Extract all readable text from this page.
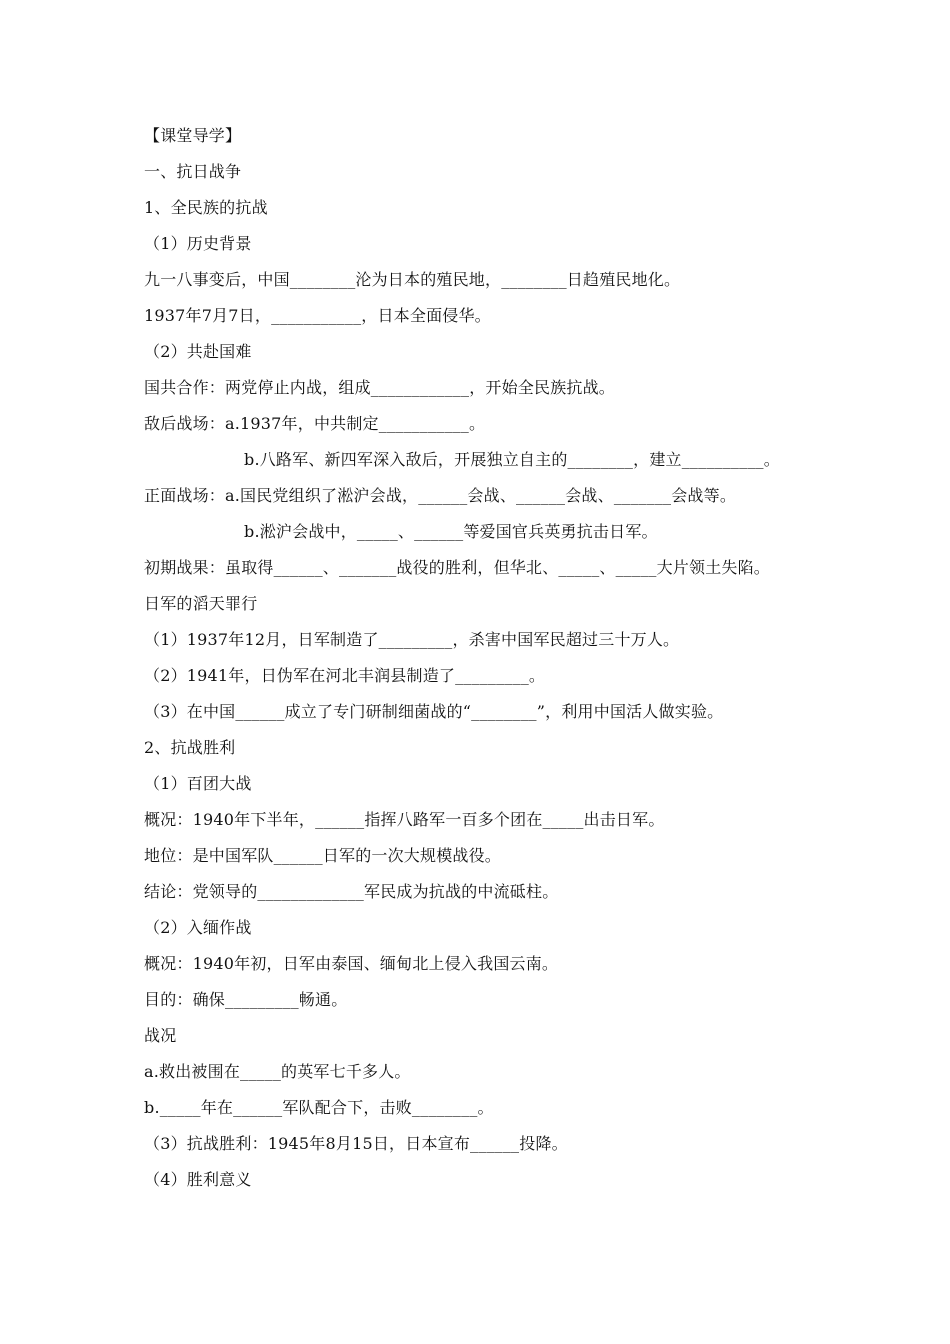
【课堂导学】
一、抗日战争
1、全民族的抗战
（1）历史背景
九一八事变后，中国________沦为日本的殖民地，________日趋殖民地化。
1937年7月7日，___________，日本全面侵华。
（2）共赴国难
国共合作：两党停止内战，组成____________，开始全民族抗战。
敌后战场：a.1937年，中共制定___________。
b.八路军、新四军深入敌后，开展独立自主的________，建立__________。
正面战场：a.国民党组织了淞沪会战，______会战、______会战、_______会战等。
b.淞沪会战中，_____、______等爱国官兵英勇抗击日军。
初期战果：虽取得______、_______战役的胜利，但华北、_____、_____大片领土失陷。
日军的滔天罪行
（1）1937年12月，日军制造了_________，杀害中国军民超过三十万人。
（2）1941年，日伪军在河北丰润县制造了_________。
（3）在中国______成立了专门研制细菌战的“________”，利用中国活人做实验。
2、抗战胜利
（1）百团大战
概况：1940年下半年，______指挥八路军一百多个团在_____出击日军。
地位：是中国军队______日军的一次大规模战役。
结论：党领导的_____________军民成为抗战的中流砥柱。
（2）入缅作战
概况：1940年初，日军由泰国、缅甸北上侵入我国云南。
目的：确保_________畅通。
战况
a.救出被围在_____的英军七千多人。
b._____年在______军队配合下，击败________。
（3）抗战胜利：1945年8月15日，日本宣布______投降。
（4）胜利意义
